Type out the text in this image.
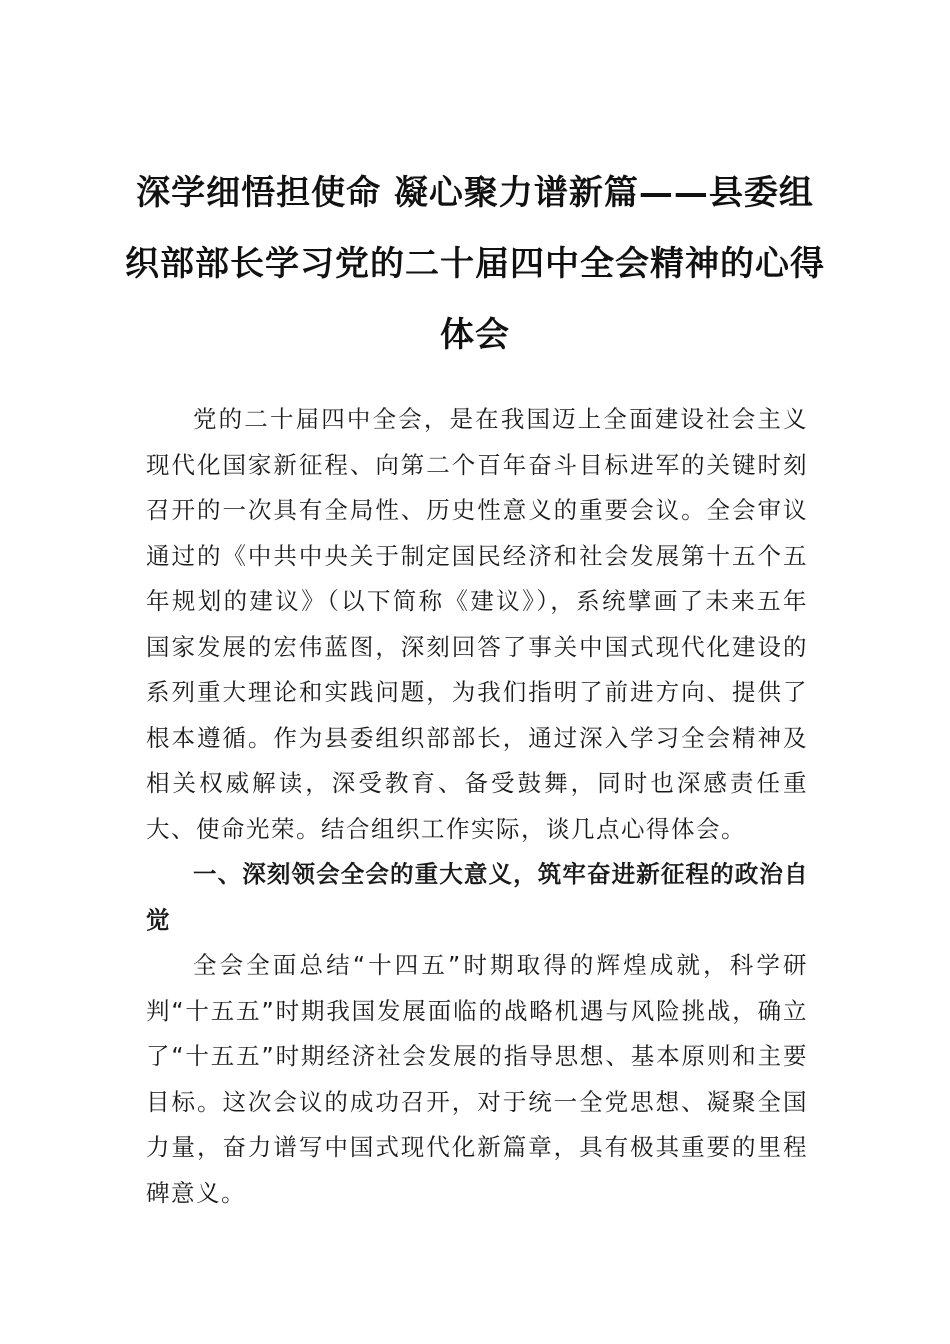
深学细悟担使命 凝心聚力谱新篇——县委组织部部长学习党的二十届四中全会精神的心得体会

党的二十届四中全会，是在我国迈上全面建设社会主义现代化国家新征程、向第二个百年奋斗目标进军的关键时刻召开的一次具有全局性、历史性意义的重要会议。全会审议通过的《中共中央关于制定国民经济和社会发展第十五个五年规划的建议》（以下简称《建议》），系统擘画了未来五年国家发展的宏伟蓝图，深刻回答了事关中国式现代化建设的系列重大理论和实践问题，为我们指明了前进方向、提供了根本遵循。作为县委组织部部长，通过深入学习全会精神及相关权威解读，深受教育、备受鼓舞，同时也深感责任重大、使命光荣。结合组织工作实际，谈几点心得体会。

一、深刻领会全会的重大意义，筑牢奋进新征程的政治自觉

全会全面总结“十四五”时期取得的辉煌成就，科学研判“十五五”时期我国发展面临的战略机遇与风险挑战，确立了“十五五”时期经济社会发展的指导思想、基本原则和主要目标。这次会议的成功召开，对于统一全党思想、凝聚全国力量，奋力谱写中国式现代化新篇章，具有极其重要的里程碑意义。
